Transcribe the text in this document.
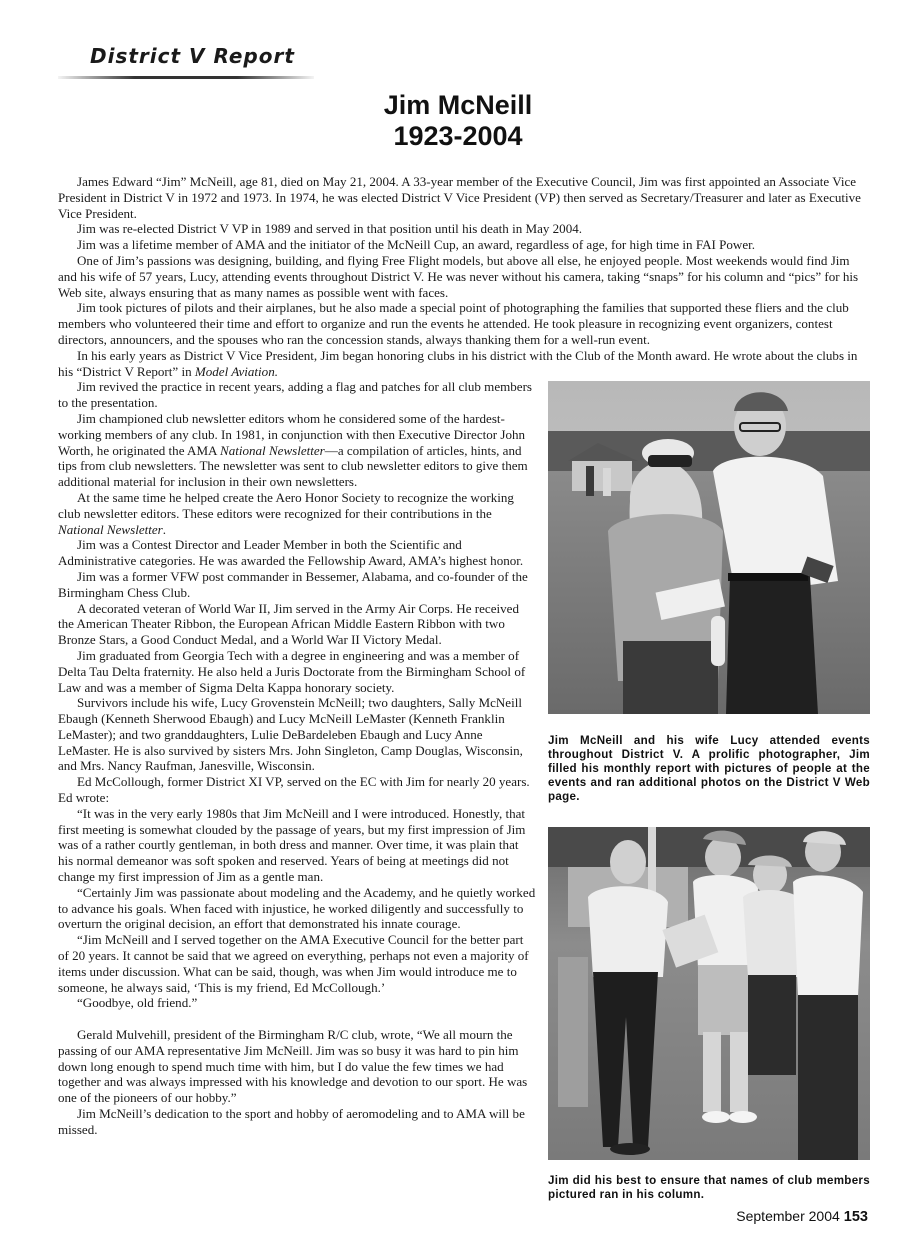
District V Report
Jim McNeill
1923-2004

James Edward “Jim” McNeill, age 81, died on May 21, 2004. A 33-year member of the Executive Council, Jim was first appointed an Associate Vice President in District V in 1972 and 1973. In 1974, he was elected District V Vice President (VP) then served as Secretary/Treasurer and later as Executive Vice President.

Jim was re-elected District V VP in 1989 and served in that position until his death in May 2004.

Jim was a lifetime member of AMA and the initiator of the McNeill Cup, an award, regardless of age, for high time in FAI Power.

One of Jim’s passions was designing, building, and flying Free Flight models, but above all else, he enjoyed people. Most weekends would find Jim and his wife of 57 years, Lucy, attending events throughout District V. He was never without his camera, taking “snaps” for his column and “pics” for his Web site, always ensuring that as many names as possible went with faces.

Jim took pictures of pilots and their airplanes, but he also made a special point of photographing the families that supported these fliers and the club members who volunteered their time and effort to organize and run the events he attended. He took pleasure in recognizing event organizers, contest directors, announcers, and the spouses who ran the concession stands, always thanking them for a well-run event.

In his early years as District V Vice President, Jim began honoring clubs in his district with the Club of the Month award. He wrote about the clubs in his “District V Report” in Model Aviation.

Jim McNeill and his wife Lucy attended events throughout District V. A prolific photographer, Jim filled his monthly report with pictures of people at the events and ran additional photos on the District V Web page.
Jim did his best to ensure that names of club members pictured ran in his column.

Jim revived the practice in recent years, adding a flag and patches for all club members to the presentation.

Jim championed club newsletter editors whom he considered some of the hardest-working members of any club. In 1981, in conjunction with then Executive Director John Worth, he originated the AMA National Newsletter—a compilation of articles, hints, and tips from club newsletters. The newsletter was sent to club newsletter editors to give them additional material for inclusion in their own newsletters.

At the same time he helped create the Aero Honor Society to recognize the working club newsletter editors. These editors were recognized for their contributions in the National Newsletter.

Jim was a Contest Director and Leader Member in both the Scientific and Administrative categories. He was awarded the Fellowship Award, AMA’s highest honor.

Jim was a former VFW post commander in Bessemer, Alabama, and co-founder of the Birmingham Chess Club.

A decorated veteran of World War II, Jim served in the Army Air Corps. He received the American Theater Ribbon, the European African Middle Eastern Ribbon with two Bronze Stars, a Good Conduct Medal, and a World War II Victory Medal.

Jim graduated from Georgia Tech with a degree in engineering and was a member of Delta Tau Delta fraternity. He also held a Juris Doctorate from the Birmingham School of Law and was a member of Sigma Delta Kappa honorary society.

Survivors include his wife, Lucy Grovenstein McNeill; two daughters, Sally McNeill Ebaugh (Kenneth Sherwood Ebaugh) and Lucy McNeill LeMaster (Kenneth Franklin LeMaster); and two granddaughters, Lulie DeBardeleben Ebaugh and Lucy Anne LeMaster. He is also survived by sisters Mrs. John Singleton, Camp Douglas, Wisconsin, and Mrs. Nancy Raufman, Janesville, Wisconsin.

Ed McCollough, former District XI VP, served on the EC with Jim for nearly 20 years. Ed wrote:

“It was in the very early 1980s that Jim McNeill and I were introduced. Honestly, that first meeting is somewhat clouded by the passage of years, but my first impression of Jim was of a rather courtly gentleman, in both dress and manner. Over time, it was plain that his normal demeanor was soft spoken and reserved. Years of being at meetings did not change my first impression of Jim as a gentle man.

“Certainly Jim was passionate about modeling and the Academy, and he quietly worked to advance his goals. When faced with injustice, he worked diligently and successfully to overturn the original decision, an effort that demonstrated his innate courage.

“Jim McNeill and I served together on the AMA Executive Council for the better part of 20 years. It cannot be said that we agreed on everything, perhaps not even a majority of items under discussion. What can be said, though, was when Jim would introduce me to someone, he always said, ‘This is my friend, Ed McCollough.’

“Goodbye, old friend.”

Gerald Mulvehill, president of the Birmingham R/C club, wrote, “We all mourn the passing of our AMA representative Jim McNeill. Jim was so busy it was hard to pin him down long enough to spend much time with him, but I do value the few times we had together and was always impressed with his knowledge and devotion to our sport. He was one of the pioneers of our hobby.”

Jim McNeill’s dedication to the sport and hobby of aeromodeling and to AMA will be missed.

September 2004 153
